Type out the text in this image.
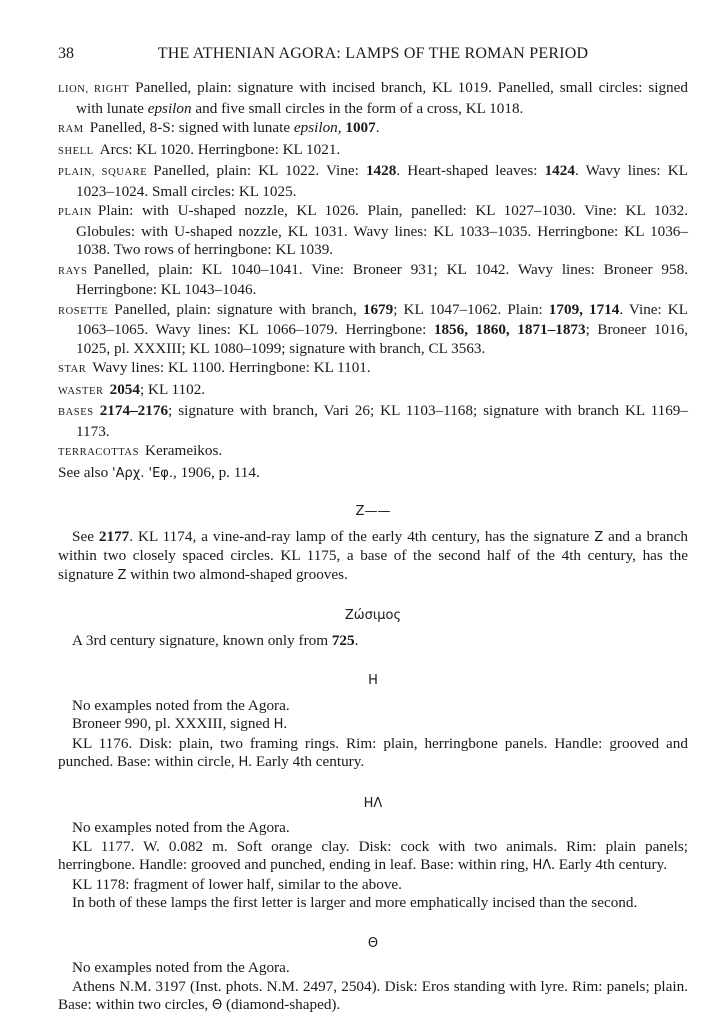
38	THE ATHENIAN AGORA: LAMPS OF THE ROMAN PERIOD

LION, RIGHT Panelled, plain: signature with incised branch, KL 1019. Panelled, small circles: signed with lunate epsilon and five small circles in the form of a cross, KL 1018.

RAM Panelled, 8-S: signed with lunate epsilon, 1007.

SHELL Arcs: KL 1020. Herringbone: KL 1021.

PLAIN, SQUARE Panelled, plain: KL 1022. Vine: 1428. Heart-shaped leaves: 1424. Wavy lines: KL 1023–1024. Small circles: KL 1025.

PLAIN Plain: with U-shaped nozzle, KL 1026. Plain, panelled: KL 1027–1030. Vine: KL 1032. Globules: with U-shaped nozzle, KL 1031. Wavy lines: KL 1033–1035. Herringbone: KL 1036–1038. Two rows of herringbone: KL 1039.

RAYS Panelled, plain: KL 1040–1041. Vine: Broneer 931; KL 1042. Wavy lines: Broneer 958. Herringbone: KL 1043–1046.

ROSETTE Panelled, plain: signature with branch, 1679; KL 1047–1062. Plain: 1709, 1714. Vine: KL 1063–1065. Wavy lines: KL 1066–1079. Herringbone: 1856, 1860, 1871–1873; Broneer 1016, 1025, pl. XXXIII; KL 1080–1099; signature with branch, CL 3563.

STAR Wavy lines: KL 1100. Herringbone: KL 1101.

WASTER 2054; KL 1102.

BASES 2174–2176; signature with branch, Vari 26; KL 1103–1168; signature with branch KL 1169–1173.

TERRACOTTAS Kerameikos.

See also 'Αρχ. 'Εφ., 1906, p. 114.

Z——

See 2177. KL 1174, a vine-and-ray lamp of the early 4th century, has the signature Z and a branch within two closely spaced circles. KL 1175, a base of the second half of the 4th century, has the signature Z within two almond-shaped grooves.

Ζώσιμος

A 3rd century signature, known only from 725.

H

No examples noted from the Agora.

Broneer 990, pl. XXXIII, signed H.

KL 1176. Disk: plain, two framing rings. Rim: plain, herringbone panels. Handle: grooved and punched. Base: within circle, H. Early 4th century.

HΛ

No examples noted from the Agora.

KL 1177. W. 0.082 m. Soft orange clay. Disk: cock with two animals. Rim: plain panels; herringbone. Handle: grooved and punched, ending in leaf. Base: within ring, HΛ. Early 4th century.

KL 1178: fragment of lower half, similar to the above.

In both of these lamps the first letter is larger and more emphatically incised than the second.

Θ

No examples noted from the Agora.

Athens N.M. 3197 (Inst. phots. N.M. 2497, 2504). Disk: Eros standing with lyre. Rim: panels; plain. Base: within two circles, Θ (diamond-shaped).
